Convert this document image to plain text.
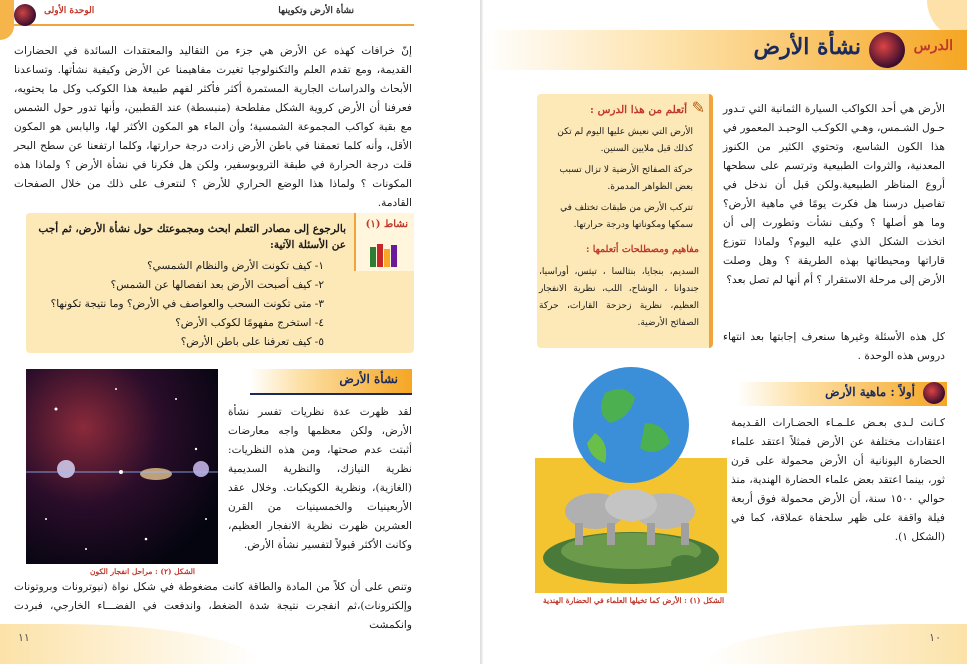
الوحدة الأولى	نشأة الأرض وتكوينها

إنّ خرافات كهذه عن الأرض هي جزء من التقاليد والمعتقدات السائدة في الحضارات القديمة، ومع تقدم العلم والتكنولوجيا تغيرت مفاهيمنا عن الأرض وكيفية نشأتها. وتساعدنا الأبحاث والدراسات الجارية المستمرة أكثر فأكثر لفهم طبيعة هذا الكوكب وكل ما يحتويه، فعرفنا أن الأرض كروية الشكل مفلطحة (منبسطة) عند القطبين، وأنها تدور حول الشمس مع بقية كواكب المجموعة الشمسية؛ وأن الماء هو المكون الأكثر لها، واليابس هو المكون الأقل، وأنه كلما تعمقنا في باطن الأرض زادت درجة حرارتها، وكلما ارتفعنا عن سطح البحر قلت درجة الحرارة في طبقة التروبوسفير، ولكن هل فكرنا في نشأة الأرض ؟ ولماذا هذه المكونات ؟ ولماذا هذا الوضع الحراري للأرض ؟ لنتعرف على ذلك من خلال الصفحات القادمة.

نشاط (١)

بالرجوع إلى مصادر التعلم ابحث ومجموعتك حول نشأة الأرض، ثم أجب عن الأسئلة الآتية:

١- كيف تكونت الأرض والنظام الشمسي؟
٢- كيف أصبحت الأرض بعد انفصالها عن الشمس؟
٣- متى تكونت السحب والعواصف في الأرض؟ وما نتيجة تكونها؟
٤- استخرج مفهومًا لكوكب الأرض؟
٥- كيف تعرفنا على باطن الأرض؟
نشأة الأرض
الشكل (٢) : مراحل انفجار الكون

لقد ظهرت عدة نظريات تفسر نشأة الأرض، ولكن معظمها واجه معارضات أثبتت عدم صحتها، ومن هذه النظريات: نظرية النيازك، والنظرية السديمية (الغازية)، ونظرية الكويكبات. وخلال عقد الأربعينيات والخمسينيات من القرن العشرين ظهرت نظرية الانفجار العظيم، وكانت الأكثر قبولاً لتفسير نشأة الأرض.

وتنص على أن كلاً من المادة والطاقة كانت مضغوطة في شكل نواة (نيوترونات وبروتونات وإلكترونات)،ثم انفجرت نتيجة شدة الضغط، واندفعت في الفضـــاء الخارجي، فبردت وانكمشت

١١
الدرس
نشأة الأرض

الأرض هي أحد الكواكب السيارة الثمانية التي تـدور حـول الشـمس، وهـي الكوكـب الوحيـد المعمور في هذا الكون الشاسع، وتحتوي الكثير من الكنوز المعدنية، والثروات الطبيعية وترتسم على سطحها أروع المناظر الطبيعية.ولكن قبل أن ندخل في تفاصيل درسنا هل فكرت يومًا في ماهية الأرض؟ وما هو أصلها ؟ وكيف نشأت وتطورت إلى أن اتخذت الشكل الذي عليه اليوم؟ ولماذا تتوزع قاراتها ومحيطاتها بهذه الطريقة ؟ وهل وصلت الأرض إلى مرحلة الاستقرار ؟ أم أنها لم تصل بعد؟

كل هذه الأسئلة وغيرها سنعرف إجابتها بعد انتهاء دروس هذه الوحدة .

✎
أتعلم من هذا الدرس :
الأرض التي نعيش عليها اليوم لم تكن كذلك قبل ملايين السنين.
حركة الصفائح الأرضية لا تزال تسبب بعض الظواهر المدمرة.
تتركب الأرض من طبقات تختلف في سمكها ومكوناتها ودرجة حرارتها.
مفاهيم ومصطلحات أتعلمها :

السديم، بنجايا، بنثالسا ، تيثس، أوراسيا، جندوانا ، الوشاح، اللب، نظرية الانفجار العظيم، نظرية زحزحة القارات، حركة الصفائح الأرضية.

أولاً : ماهية الأرض

كـانت لـدى بعـض علـمـاء الحضـارات القـديمة اعتقادات مختلفة عن الأرض فمثلاً اعتقد علماء الحضارة اليونانية أن الأرض محمولة على قرن ثور، بينما اعتقد بعض علماء الحضارة الهندية، منذ حوالي ١٥٠٠ سنة، أن الأرض محمولة فوق أربعة فيلة واقفة على ظهر سلحفاة عملاقة، كما في (الشكل ١).

الشكل (١) : الأرض كما تخيلها العلماء في الحضارة الهندية
١٠
